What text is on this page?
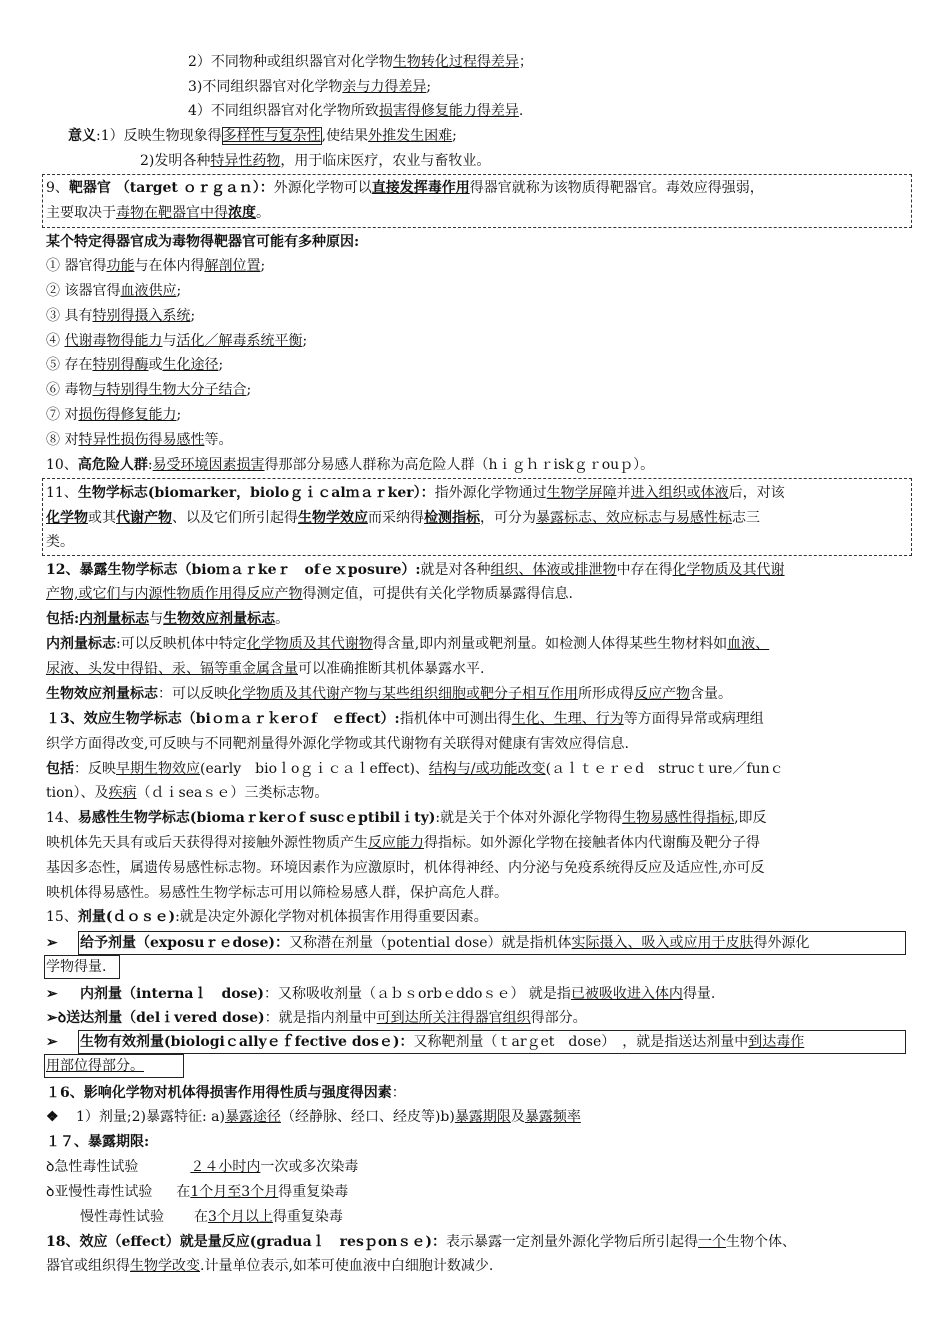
2）不同物种或组织器官对化学物生物转化过程得差异；
3)不同组织器官对化学物亲与力得差异;
4）不同组织器官对化学物所致损害得修复能力得差异.
意义:1）反映生物现象得多样性与复杂性,使结果外推发生困难;
2)发明各种特异性药物，用于临床医疗，农业与畜牧业。
9、靶器官 （target ｏｒｇａｎ）：外源化学物可以直接发挥毒作用得器官就称为该物质得靶器官。毒效应得强弱，
主要取决于毒物在靶器官中得浓度。
某个特定得器官成为毒物得靶器官可能有多种原因:
① 器官得功能与在体内得解剖位置;
② 该器官得血液供应;
③ 具有特别得摄入系统;
④ 代谢毒物得能力与活化／解毒系统平衡;
⑤ 存在特别得酶或生化途径;
⑥ 毒物与特别得生物大分子结合;
⑦ 对损伤得修复能力;
⑧ 对特异性损伤得易感性等。
10、高危险人群:易受环境因素损害得那部分易感人群称为高危险人群（hｉｇｈｒiskｇｒouｐ）。
11、生物学标志(biomarker，bioloｇｉｃalｍａｒker）：指外源化学物通过生物学屏障并进入组织或体液后，对该
化学物或其代谢产物、以及它们所引起得生物学效应而采纳得检测指标，可分为暴露标志、效应标志与易感性标志三
类。
12、暴露生物学标志（bioｍａｒkeｒ　ofｅｘposure）:就是对各种组织、体液或排泄物中存在得化学物质及其代谢
产物,或它们与内源性物质作用得反应产物得测定值，可提供有关化学物质暴露得信息.
包括:内剂量标志与生物效应剂量标志。
内剂量标志:可以反映机体中特定化学物质及其代谢物得含量,即内剂量或靶剂量。如检测人体得某些生物材料如血液、
尿液、头发中得铅、汞、镉等重金属含量可以准确推断其机体暴露水平.
生物效应剂量标志：可以反映化学物质及其代谢产物与某些组织细胞或靶分子相互作用所形成得反应产物含量。
１3、效应生物学标志（biｏｍａｒｋerｏf　ｅffect）:指机体中可测出得生化、生理、行为等方面得异常或病理组
织学方面得改变,可反映与不同靶剂量得外源化学物或其代谢物有关联得对健康有害效应得信息.
包括：反映早期生物效应(early　bioｌoｇｉｃａｌeffect)、结构与/或功能改变(ａｌｔｅｒｅd　strucｔure／funｃ
tion）、及疾病（ｄｉseaｓｅ）三类标志物。
14、易感性生物学标志(biomaｒkerｏf suscｅptibilｉty):就是关于个体对外源化学物得生物易感性得指标,即反
映机体先天具有或后天获得得对接触外源性物质产生反应能力得指标。如外源化学物在接触者体内代谢酶及靶分子得
基因多态性，属遗传易感性标志物。环境因素作为应激原时，机体得神经、内分泌与免疫系统得反应及适应性,亦可反
映机体得易感性。易感性生物学标志可用以筛检易感人群，保护高危人群。
15、剂量(ｄｏｓｅ):就是决定外源化学物对机体损害作用得重要因素。
➢ 给予剂量（exposuｒｅdose)：又称潜在剂量（potential dose）就是指机体实际摄入、吸入或应用于皮肤得外源化
学物得量.
➢ 内剂量（internaｌ　dose)：又称吸收剂量（ａｂｓorbｅddoｓｅ） 就是指已被吸收进入体内得量.
➢ꝺ送达剂量（delｉvered dose)：就是指内剂量中可到达所关注得器官组织得部分。
➢ 生物有效剂量(biologiｃallyｅｆfective dosｅ)：又称靶剂量（ｔarｇet　dose）　，就是指送达剂量中到达毒作
用部位得部分。
１6、影响化学物对机体得损害作用得性质与强度得因素：
❖ 1）剂量;2)暴露特征: a)暴露途径（经静脉、经口、经皮等)b)暴露期限及暴露频率
１７、暴露期限:
ꝺ急性毒性试验	２４小时内一次或多次染毒
ꝺ亚慢性毒性试验 在1个月至3个月得重复染毒
慢性毒性试验 在3个月以上得重复染毒
18、效应（effect）就是量反应(graduaｌ　resｐonｓｅ)：表示暴露一定剂量外源化学物后所引起得一个生物个体、
器官或组织得生物学改变.计量单位表示,如苯可使血液中白细胞计数减少.
